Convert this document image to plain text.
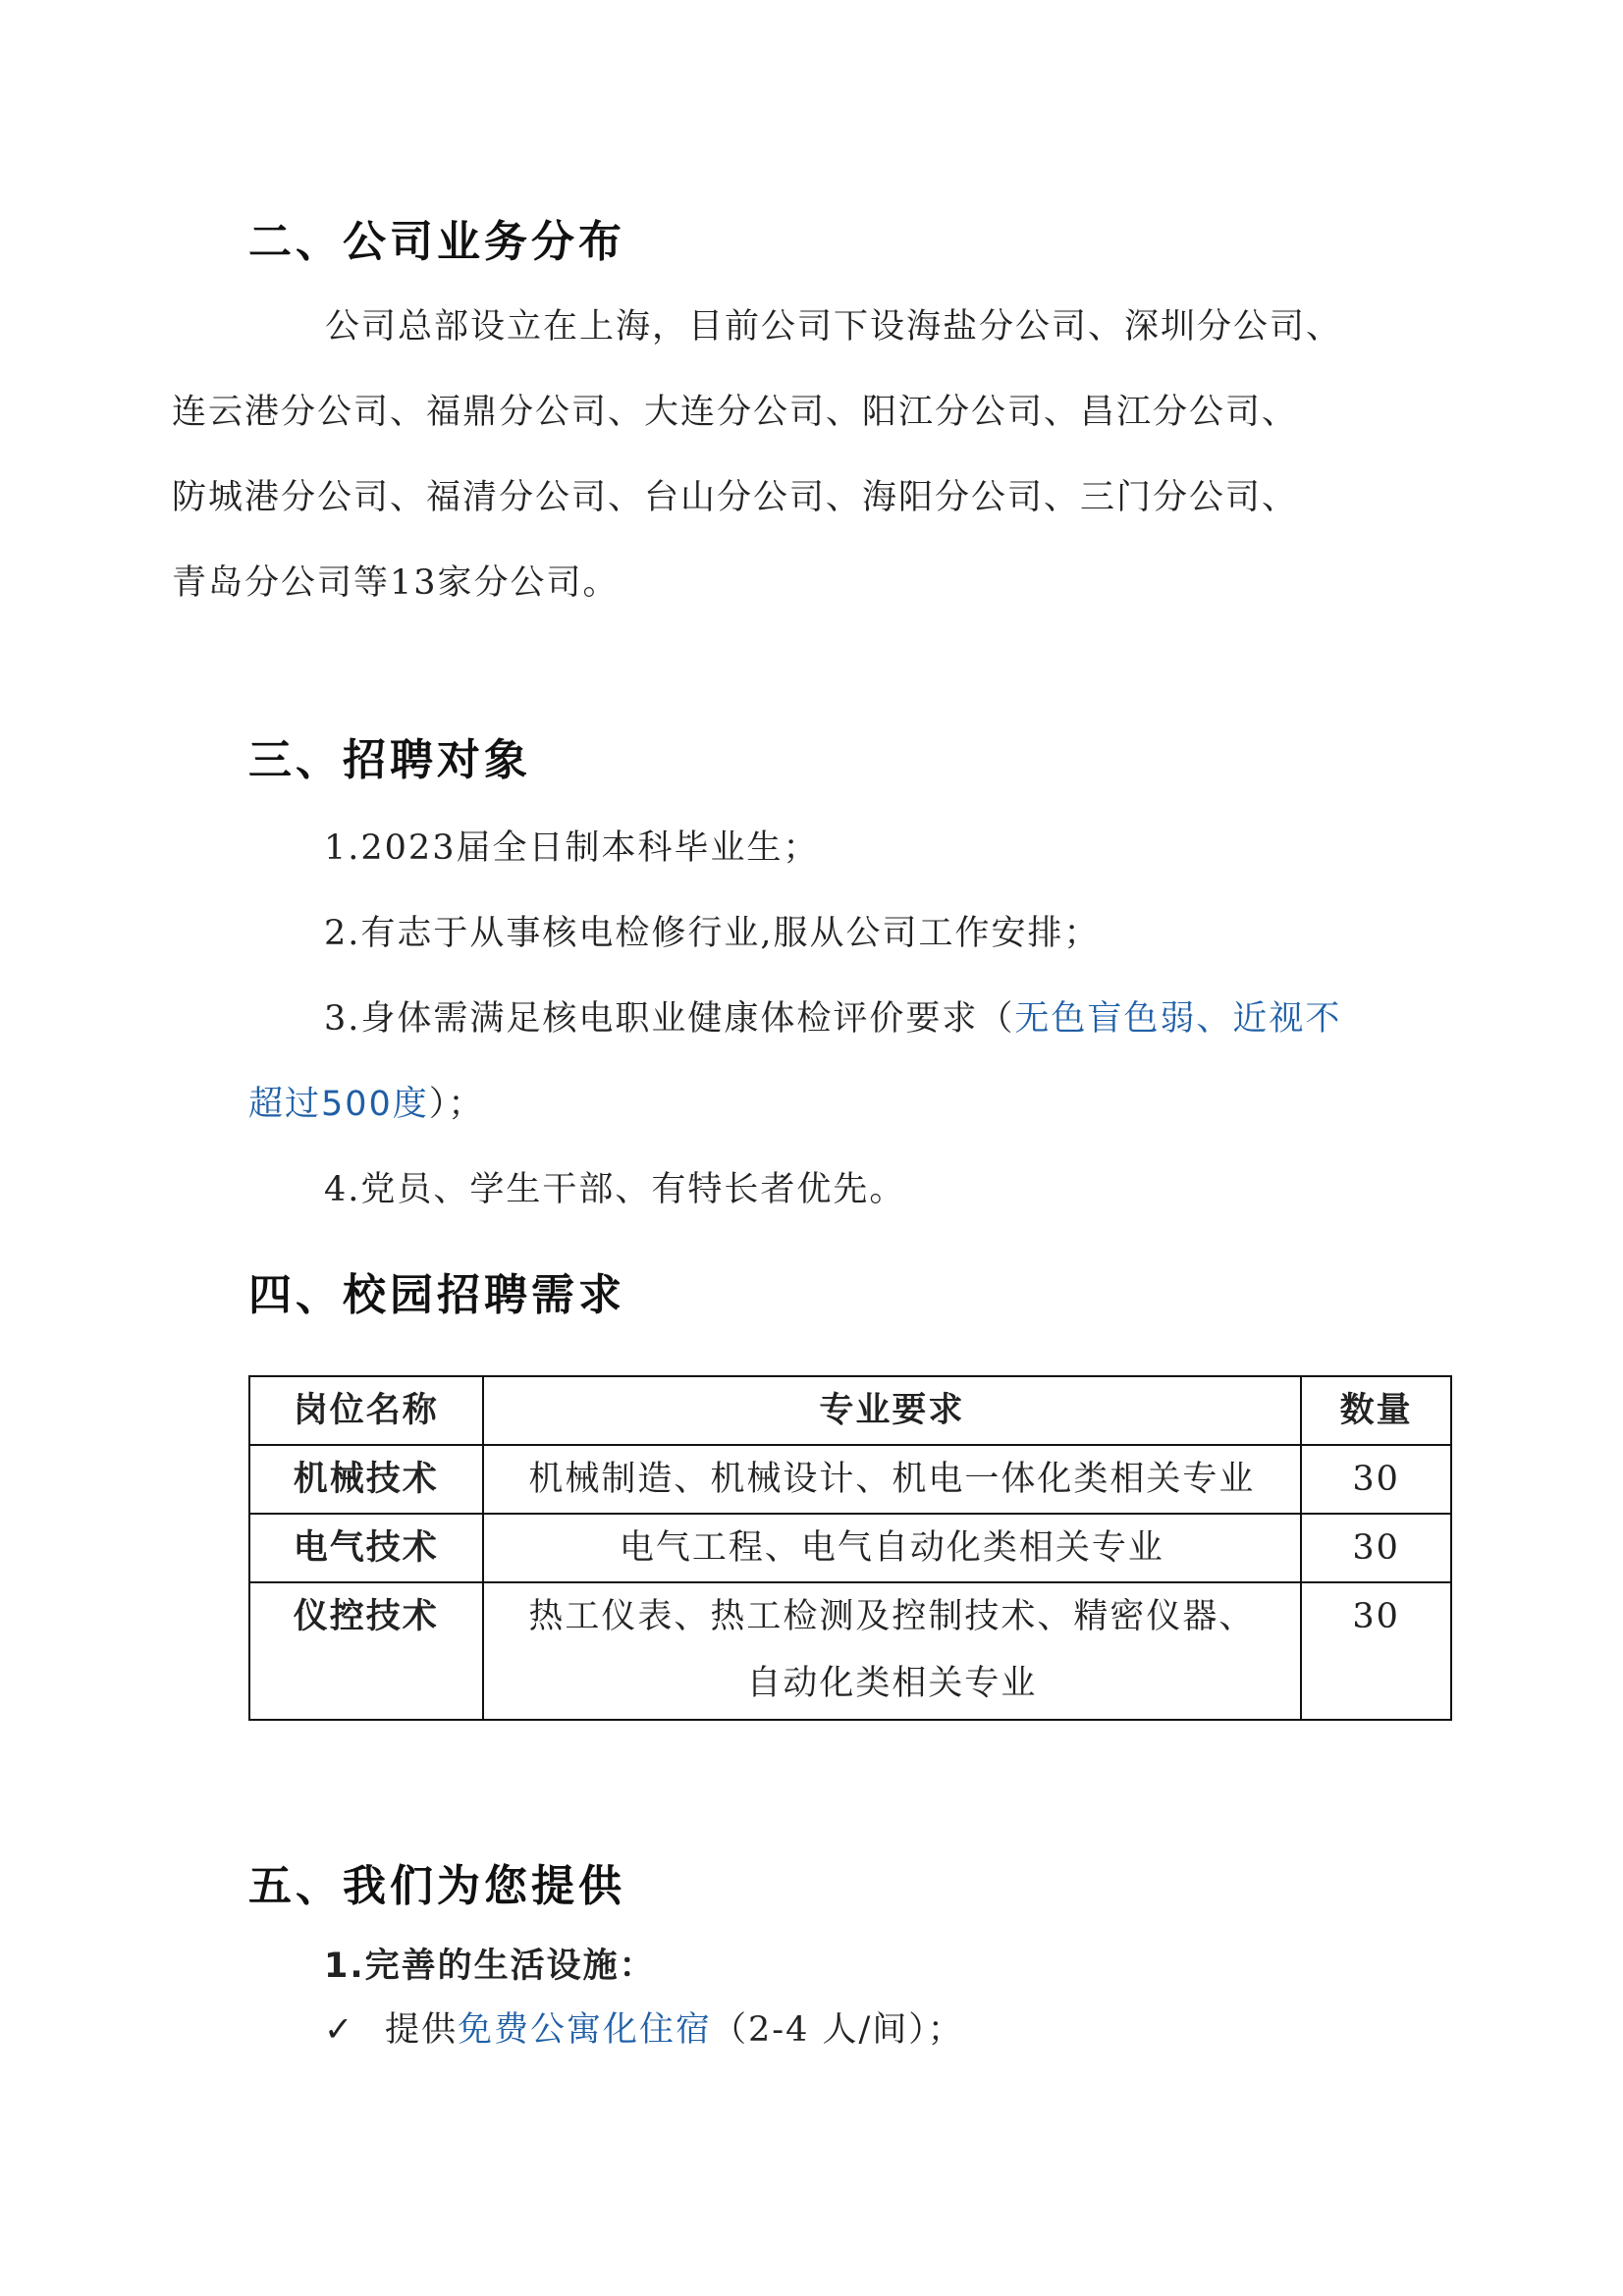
二、公司业务分布
公司总部设立在上海，目前公司下设海盐分公司、深圳分公司、
连云港分公司、福鼎分公司、大连分公司、阳江分公司、昌江分公司、
防城港分公司、福清分公司、台山分公司、海阳分公司、三门分公司、
青岛分公司等13家分公司。
三、招聘对象
1.2023届全日制本科毕业生；
2.有志于从事核电检修行业,服从公司工作安排；
3.身体需满足核电职业健康体检评价要求（无色盲色弱、近视不
超过500度）；
4.党员、学生干部、有特长者优先。
四、校园招聘需求
岗位名称	专业要求	数量
机械技术	机械制造、机械设计、机电一体化类相关专业	30
电气技术	电气工程、电气自动化类相关专业	30
仪控技术	热工仪表、热工检测及控制技术、精密仪器、
自动化类相关专业	30
五、我们为您提供
1.完善的生活设施：
✓ 提供免费公寓化住宿（2-4 人/间）；
